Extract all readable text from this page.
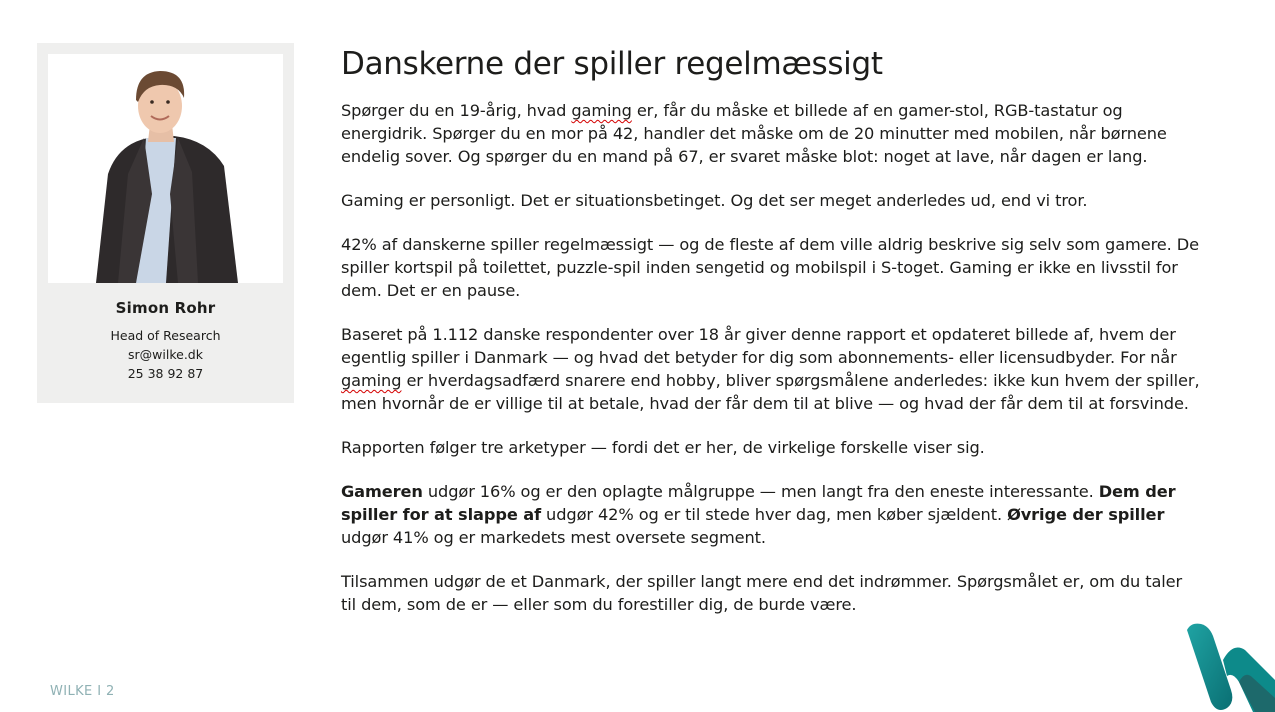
Simon Rohr
Head of Research
sr@wilke.dk
25 38 92 87
Danskerne der spiller regelmæssigt

Spørger du en 19-årig, hvad gaming er, får du måske et billede af en gamer-stol, RGB-tastatur og energidrik. Spørger du en mor på 42, handler det måske om de 20 minutter med mobilen, når børnene endelig sover. Og spørger du en mand på 67, er svaret måske blot: noget at lave, når dagen er lang.

Gaming er personligt. Det er situationsbetinget. Og det ser meget anderledes ud, end vi tror.

42% af danskerne spiller regelmæssigt — og de fleste af dem ville aldrig beskrive sig selv som gamere. De spiller kortspil på toilettet, puzzle-spil inden sengetid og mobilspil i S-toget. Gaming er ikke en livsstil for dem. Det er en pause.

Baseret på 1.112 danske respondenter over 18 år giver denne rapport et opdateret billede af, hvem der egentlig spiller i Danmark — og hvad det betyder for dig som abonnements- eller licensudbyder. For når gaming er hverdagsadfærd snarere end hobby, bliver spørgsmålene anderledes: ikke kun hvem der spiller, men hvornår de er villige til at betale, hvad der får dem til at blive — og hvad der får dem til at forsvinde.

Rapporten følger tre arketyper — fordi det er her, de virkelige forskelle viser sig.

Gameren udgør 16% og er den oplagte målgruppe — men langt fra den eneste interessante. Dem der spiller for at slappe af udgør 42% og er til stede hver dag, men køber sjældent. Øvrige der spiller udgør 41% og er markedets mest oversete segment.

Tilsammen udgør de et Danmark, der spiller langt mere end det indrømmer. Spørgsmålet er, om du taler til dem, som de er — eller som du forestiller dig, de burde være.

WILKE I 2
